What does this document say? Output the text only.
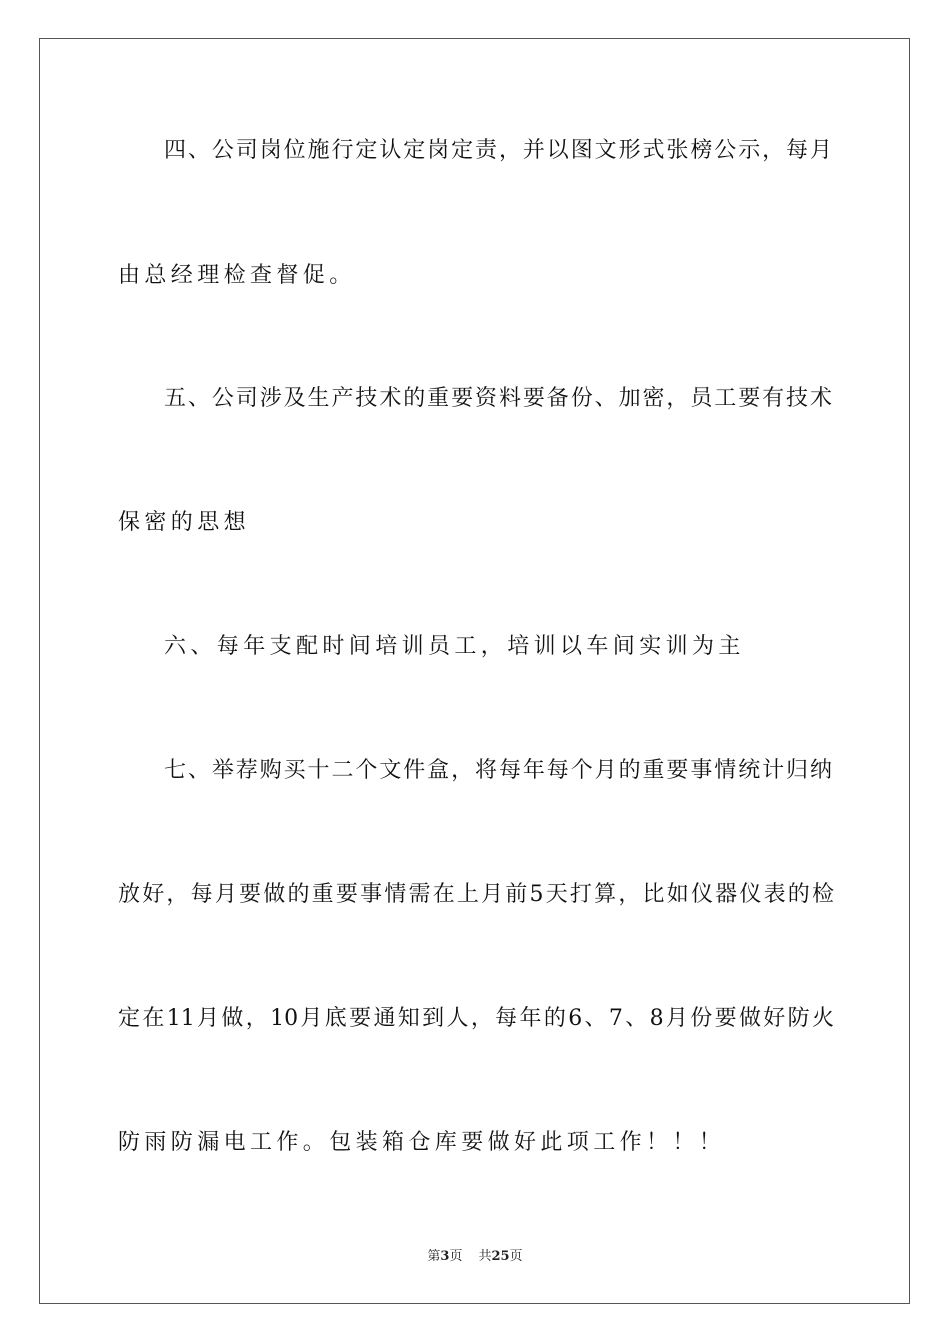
四、公司岗位施行定认定岗定责，并以图文形式张榜公示，每月
由总经理检查督促。
五、公司涉及生产技术的重要资料要备份、加密，员工要有技术
保密的思想
六、每年支配时间培训员工，培训以车间实训为主
七、举荐购买十二个文件盒，将每年每个月的重要事情统计归纳
放好，每月要做的重要事情需在上月前5天打算，比如仪器仪表的检
定在11月做，10月底要通知到人，每年的6、7、8月份要做好防火
防雨防漏电工作。包装箱仓库要做好此项工作！！！
第3页 共25页
